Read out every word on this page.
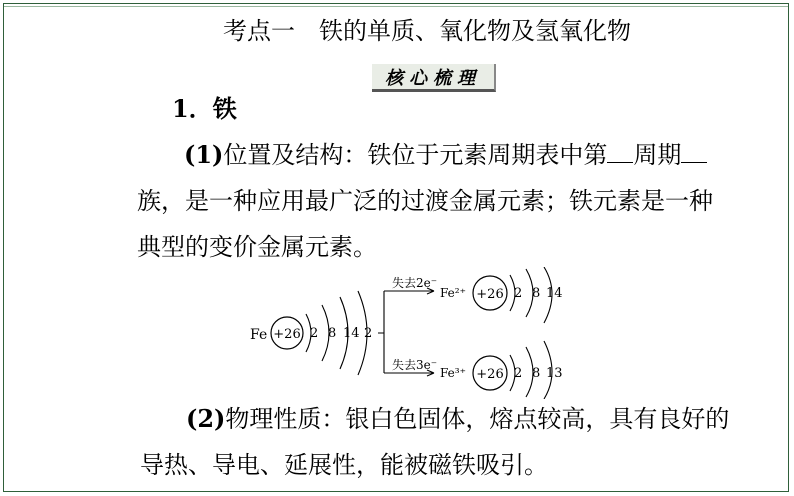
考点一　铁的单质、氧化物及氢氧化物
核心梳理
1．铁
(1)位置及结构：铁位于元素周期表中第 周期
族，是一种应用最广泛的过渡金属元素；铁元素是一种
典型的变价金属元素。
Fe +26 2 8 14 2
失去2e⁻
失去3e⁻
Fe²⁺ +26 2 8 14
Fe³⁺ +26 2 8 13
(2)物理性质：银白色固体，熔点较高，具有良好的
导热、导电、延展性，能被磁铁吸引。
